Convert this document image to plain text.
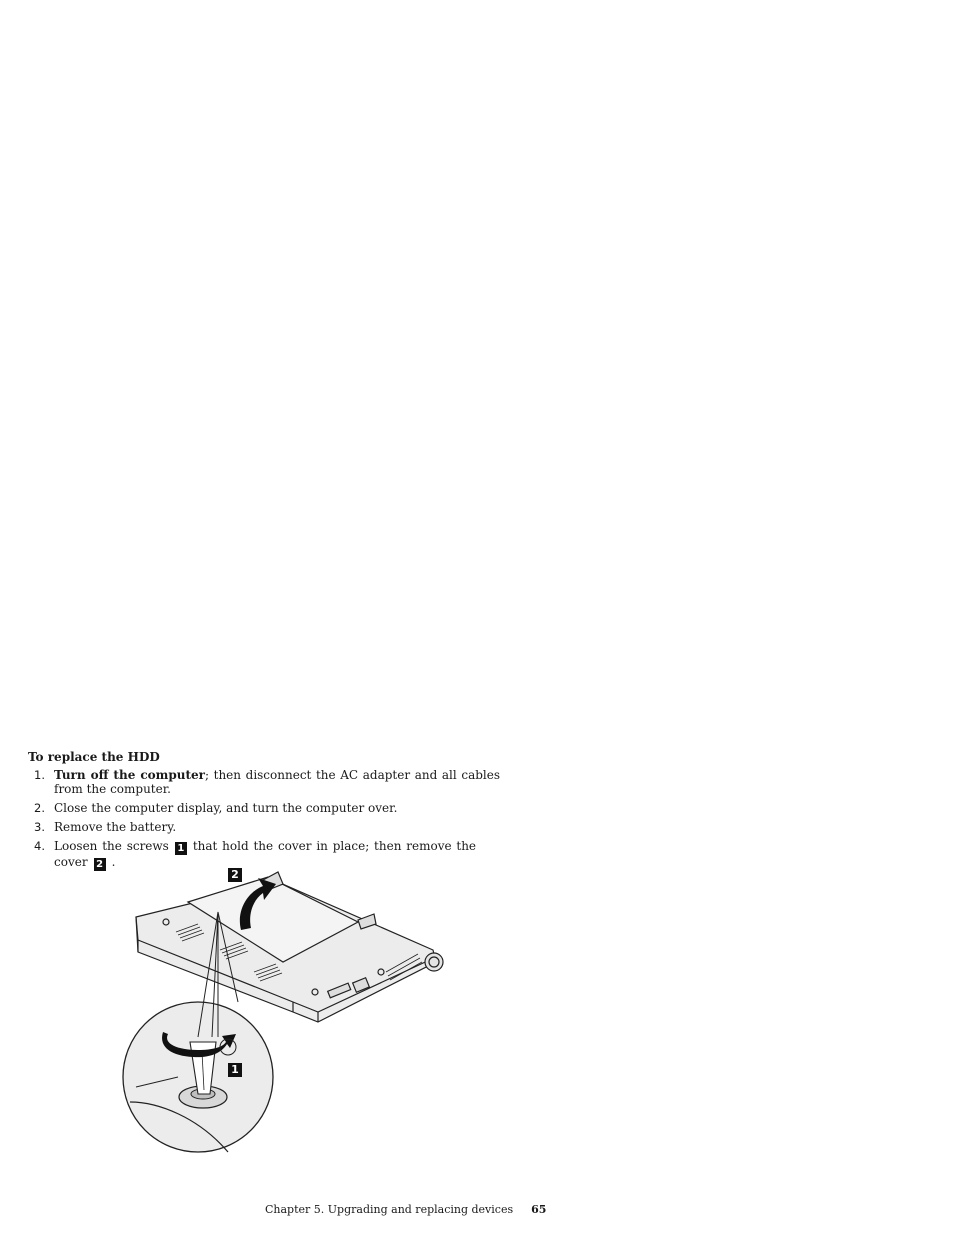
To replace the HDD
1. Turn off the computer; then disconnect the AC adapter and all cables from the computer.
2. Close the computer display, and turn the computer over.
3. Remove the battery.
4. Loosen the screws 1 that hold the cover in place; then remove the cover 2 .
2
1
Chapter 5. Upgrading and replacing devices 65
